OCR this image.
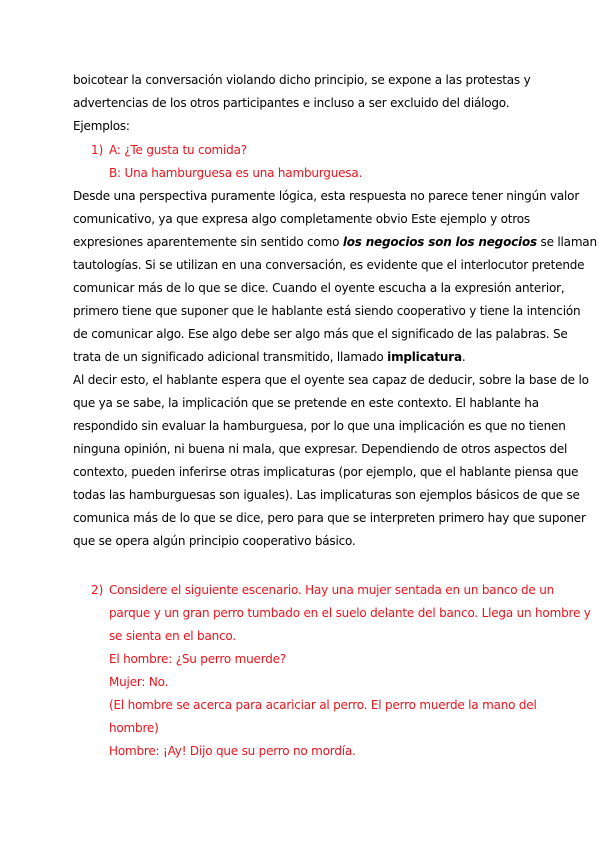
boicotear la conversación violando dicho principio, se expone a las protestas y
advertencias de los otros participantes e incluso a ser excluido del diálogo.
Ejemplos:
1) A: ¿Te gusta tu comida?
B: Una hamburguesa es una hamburguesa.
Desde una perspectiva puramente lógica, esta respuesta no parece tener ningún valor
comunicativo, ya que expresa algo completamente obvio Este ejemplo y otros
expresiones aparentemente sin sentido como los negocios son los negocios se llaman
tautologías. Si se utilizan en una conversación, es evidente que el interlocutor pretende
comunicar más de lo que se dice. Cuando el oyente escucha a la expresión anterior,
primero tiene que suponer que le hablante está siendo cooperativo y tiene la intención
de comunicar algo. Ese algo debe ser algo más que el significado de las palabras. Se
trata de un significado adicional transmitido, llamado implicatura.
Al decir esto, el hablante espera que el oyente sea capaz de deducir, sobre la base de lo
que ya se sabe, la implicación que se pretende en este contexto. El hablante ha
respondido sin evaluar la hamburguesa, por lo que una implicación es que no tienen
ninguna opinión, ni buena ni mala, que expresar. Dependiendo de otros aspectos del
contexto, pueden inferirse otras implicaturas (por ejemplo, que el hablante piensa que
todas las hamburguesas son iguales). Las implicaturas son ejemplos básicos de que se
comunica más de lo que se dice, pero para que se interpreten primero hay que suponer
que se opera algún principio cooperativo básico.
2) Considere el siguiente escenario. Hay una mujer sentada en un banco de un
parque y un gran perro tumbado en el suelo delante del banco. Llega un hombre y
se sienta en el banco.
El hombre: ¿Su perro muerde?
Mujer: No.
(El hombre se acerca para acariciar al perro. El perro muerde la mano del
hombre)
Hombre: ¡Ay! Dijo que su perro no mordía.
